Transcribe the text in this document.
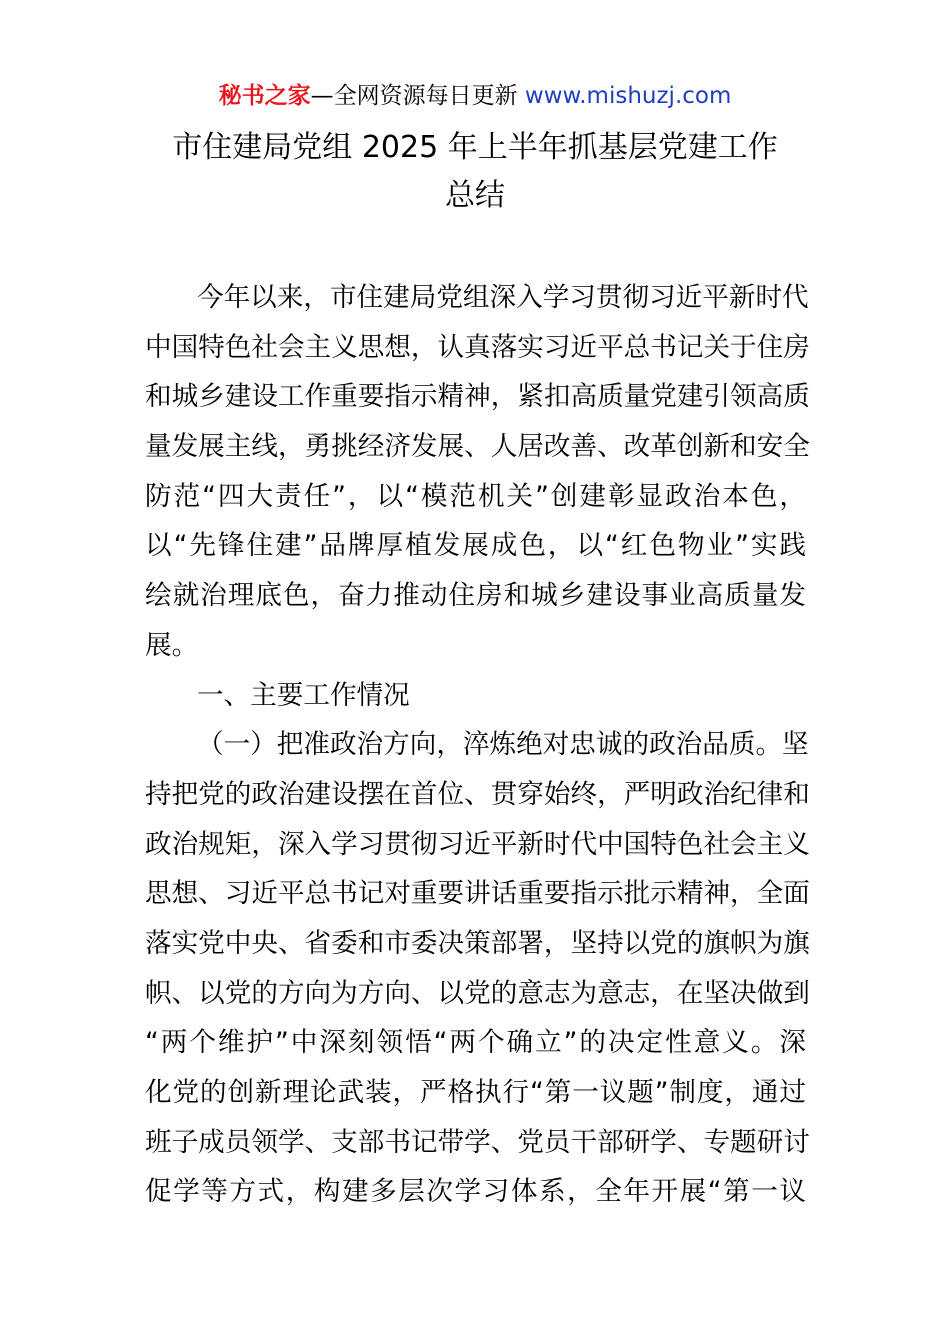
秘书之家—全网资源每日更新 www.mishuzj.com
市住建局党组 2025 年上半年抓基层党建工作
总结
今年以来，市住建局党组深入学习贯彻习近平新时代
中国特色社会主义思想，认真落实习近平总书记关于住房
和城乡建设工作重要指示精神，紧扣高质量党建引领高质
量发展主线，勇挑经济发展、人居改善、改革创新和安全
防范“四大责任”，以“模范机关”创建彰显政治本色，
以“先锋住建”品牌厚植发展成色，以“红色物业”实践
绘就治理底色，奋力推动住房和城乡建设事业高质量发
展。
一、主要工作情况
（一）把准政治方向，淬炼绝对忠诚的政治品质。坚
持把党的政治建设摆在首位、贯穿始终，严明政治纪律和
政治规矩，深入学习贯彻习近平新时代中国特色社会主义
思想、习近平总书记对重要讲话重要指示批示精神，全面
落实党中央、省委和市委决策部署，坚持以党的旗帜为旗
帜、以党的方向为方向、以党的意志为意志，在坚决做到
“两个维护”中深刻领悟“两个确立”的决定性意义。深
化党的创新理论武装，严格执行“第一议题”制度，通过
班子成员领学、支部书记带学、党员干部研学、专题研讨
促学等方式，构建多层次学习体系，全年开展“第一议
